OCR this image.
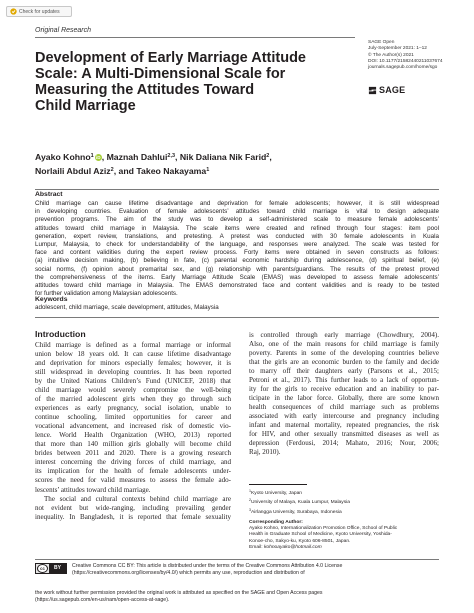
Check for updates
Original Research
Development of Early Marriage Attitude
Scale: A Multi-Dimensional Scale for
Measuring the Attitudes Toward
Child Marriage
SAGE Open
July-September 2021: 1–12
© The Author(s) 2021
DOI: 10.1177/21582440211037674
journals.sagepub.com/home/sgo
SAGE
Ayako Kohno$^1$ iD, Maznah Dahlui$^{2,3}$, Nik Daliana Nik Farid$^2$,
Norlaili Abdul Aziz$^2$, and Takeo Nakayama$^1$
Abstract
Child marriage can cause lifetime disadvantage and deprivation for female adolescents; however, it is still widespread
in developing countries. Evaluation of female adolescents’ attitudes toward child marriage is vital to design adequate
prevention programs. The aim of the study was to develop a self-administered scale to measure female adolescents’
attitudes toward child marriage in Malaysia. The scale items were created and refined through four stages: item pool
generation, expert review, translations, and pretesting. A pretest was conducted with 30 female adolescents in Kuala
Lumpur, Malaysia, to check for understandability of the language, and responses were analyzed. The scale was tested for
face and content validities during the expert review process. Forty items were obtained in seven constructs as follows:
(a) intuitive decision making, (b) believing in fate, (c) parental economic hardship during adolescence, (d) spiritual belief, (e)
social norms, (f) opinion about premarital sex, and (g) relationship with parents/guardians. The results of the pretest proved
the comprehensiveness of the items. Early Marriage Attitude Scale (EMAS) was developed to assess female adolescents’
attitudes toward child marriage in Malaysia. The EMAS demonstrated face and content validities and is ready to be tested
for further validation among Malaysian adolescents.
Keywords
adolescent, child marriage, scale development, attitudes, Malaysia
Introduction
Child marriage is defined as a formal marriage or informal
union below 18 years old. It can cause lifetime disadvantage
and deprivation for minors especially females; however, it is
still widespread in developing countries. It has been reported
by the United Nations Children’s Fund (UNICEF, 2018) that
child marriage would severely compromise the well-being
of the married adolescent girls when they go through such
experiences as early pregnancy, social isolation, unable to
continue schooling, limited opportunities for career and
vocational advancement, and increased risk of domestic vio-
lence. World Health Organization (WHO, 2013) reported
that more than 140 million girls globally will become child
brides between 2011 and 2020. There is a growing research
interest concerning the driving forces of child marriage, and
its implication for the health of female adolescents under-
scores the need for valid measures to assess the female ado-
lescents’ attitudes toward child marriage.
The social and cultural contexts behind child marriage are
not evident but wide-ranging, including prevailing gender
inequality. In Bangladesh, it is reported that female sexuality
is controlled through early marriage (Chowdhury, 2004).
Also, one of the main reasons for child marriage is family
poverty. Parents in some of the developing countries believe
that the girls are an economic burden to the family and decide
to marry off their daughters early (Parsons et al., 2015;
Petroni et al., 2017). This further leads to a lack of opportun-
ity for the girls to receive education and an inability to par-
ticipate in the labor force. Globally, there are some known
health consequences of child marriage such as problems
associated with early intercourse and pregnancy including
infant and maternal mortality, repeated pregnancies, the risk
for HIV, and other sexually transmitted diseases as well as
depression (Ferdousi, 2014; Mahato, 2016; Nour, 2006;
Raj, 2010).
$^1$Kyoto University, Japan
$^2$University of Malaya, Kuala Lumpur, Malaysia
$^3$Airlangga University, Surabaya, Indonesia
Corresponding Author:
Ayako Kohno, Internationalization Promotion Office, School of Public
Health in Graduate School of Medicine, Kyoto University, Yoshida-
Konoe-cho, Sakyo-ku, Kyoto 606-8501, Japan.
Email: kohnoayako@hotmail.com
cc	BY	Creative Commons CC BY: This article is distributed under the terms of the Creative Commons Attribution 4.0 License
(https://creativecommons.org/licenses/by/4.0/) which permits any use, reproduction and distribution of
the work without further permission provided the original work is attributed as specified on the SAGE and Open Access pages
(https://us.sagepub.com/en-us/nam/open-access-at-sage).
